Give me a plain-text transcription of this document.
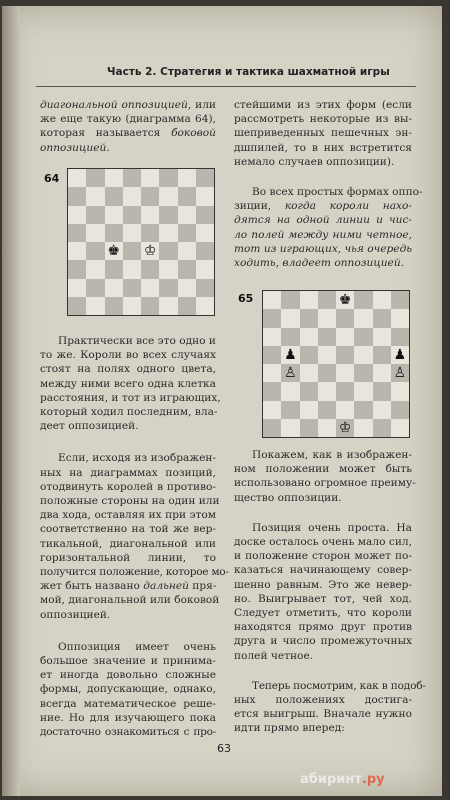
Часть 2. Стратегия и тактика шахматной игры

диагональной оппозицией, или
же еще такую (диаграмма 64),
которая называется боковой
оппозицией.

64
♚ ♔

Практически все это одно и
то же. Короли во всех случаях
стоят на полях одного цвета,
между ними всего одна клетка
расстояния, и тот из играющих,
который ходил последним, вла-
деет оппозицией.

Если, исходя из изображен-
ных на диаграммах позиций,
отодвинуть королей в противо-
положные стороны на один или
два хода, оставляя их при этом
соответственно на той же вер-
тикальной, диагональной или
горизонтальной линии, то
получится положение, которое мо-
жет быть названо дальней пря-
мой, диагональной или боковой
оппозицией.

Оппозиция имеет очень
большое значение и принима-
ет иногда довольно сложные
формы, допускающие, однако,
всегда математическое реше-
ние. Но для изучающего пока
достаточно ознакомиться с про-

стейшими из этих форм (если
рассмотреть некоторые из вы-
шеприведенных пешечных эн-
дшпилей, то в них встретится
немало случаев оппозиции).

Во всех простых формах оппо-
зиции, когда короли нахо-
дятся на одной линии и чис-
ло полей между ними четное,
тот из играющих, чья очередь
ходить, владеет оппозицией.

65	♚
♟
♙
♟
♙
♔

Покажем, как в изображен-
ном положении может быть
использовано огромное преиму-
щество оппозиции.

Позиция очень проста. На
доске осталось очень мало сил,
и положение сторон может по-
казаться начинающему совер-
шенно равным. Это же невер-
но. Выигрывает тот, чей ход.
Следует отметить, что короли
находятся прямо друг против
друга и число промежуточных
полей четное.

Теперь посмотрим, как в подоб-
ных положениях достига-
ется выигрыш. Вначале нужно
идти прямо вперед:

63
абиринт.ру
